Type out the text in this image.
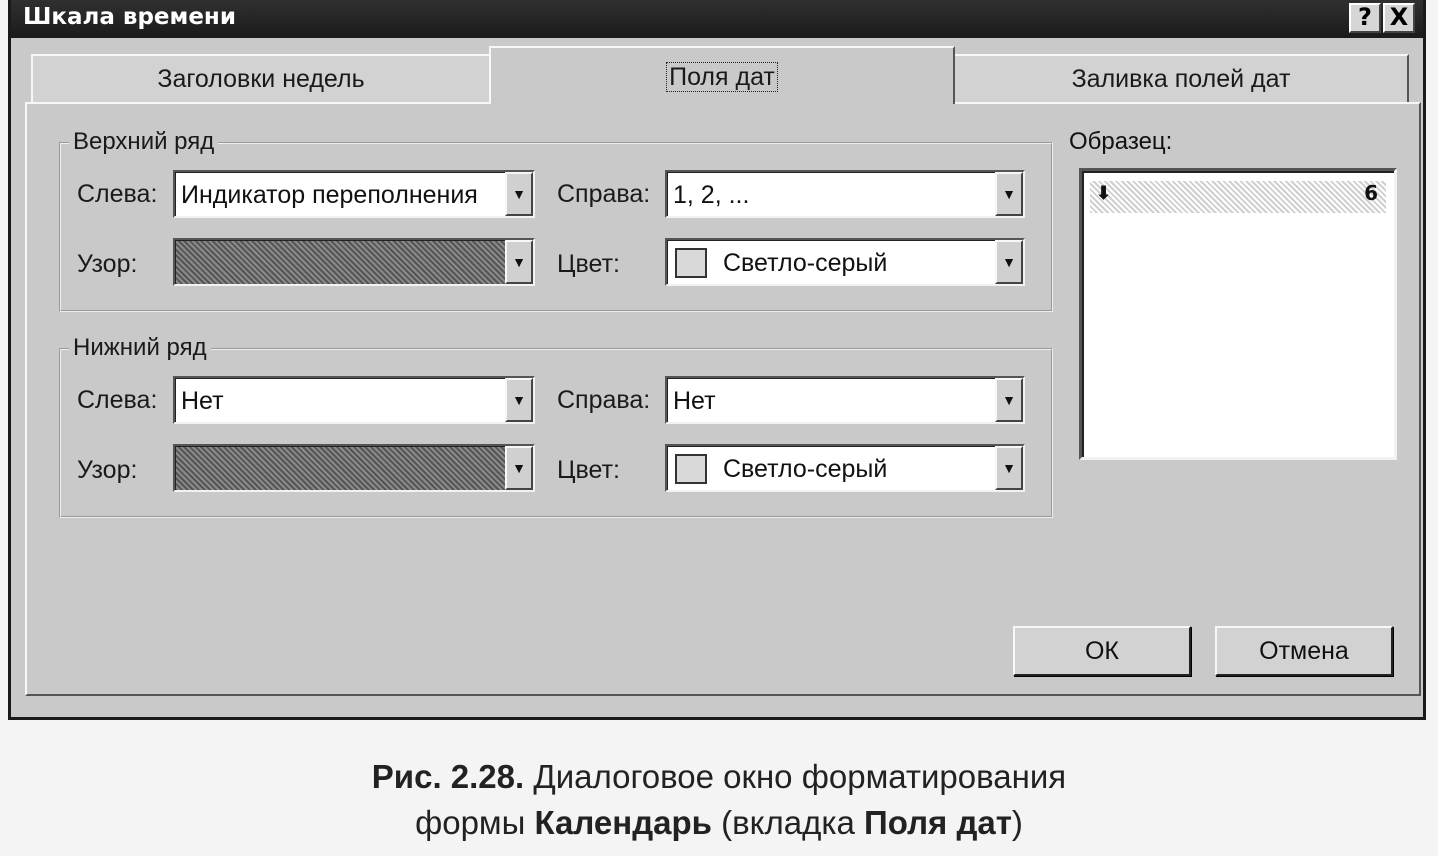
Шкала времени	? X
Заголовки недель	Заливка полей дат
Поля дат
Верхний ряд
Слева: Индикатор переполнения	▼ Справа: 1, 2, ...	▼
Узор:	▼ Цвет:	Светло-серый	▼
Нижний ряд
Слева: Нет	▼ Справа: Нет	▼
Узор:	▼ Цвет:	Светло-серый	▼
Образец:
⬇	6
ОК	Отмена
Рис. 2.28. Диалоговое окно форматирования
формы Календарь (вкладка Поля дат)
